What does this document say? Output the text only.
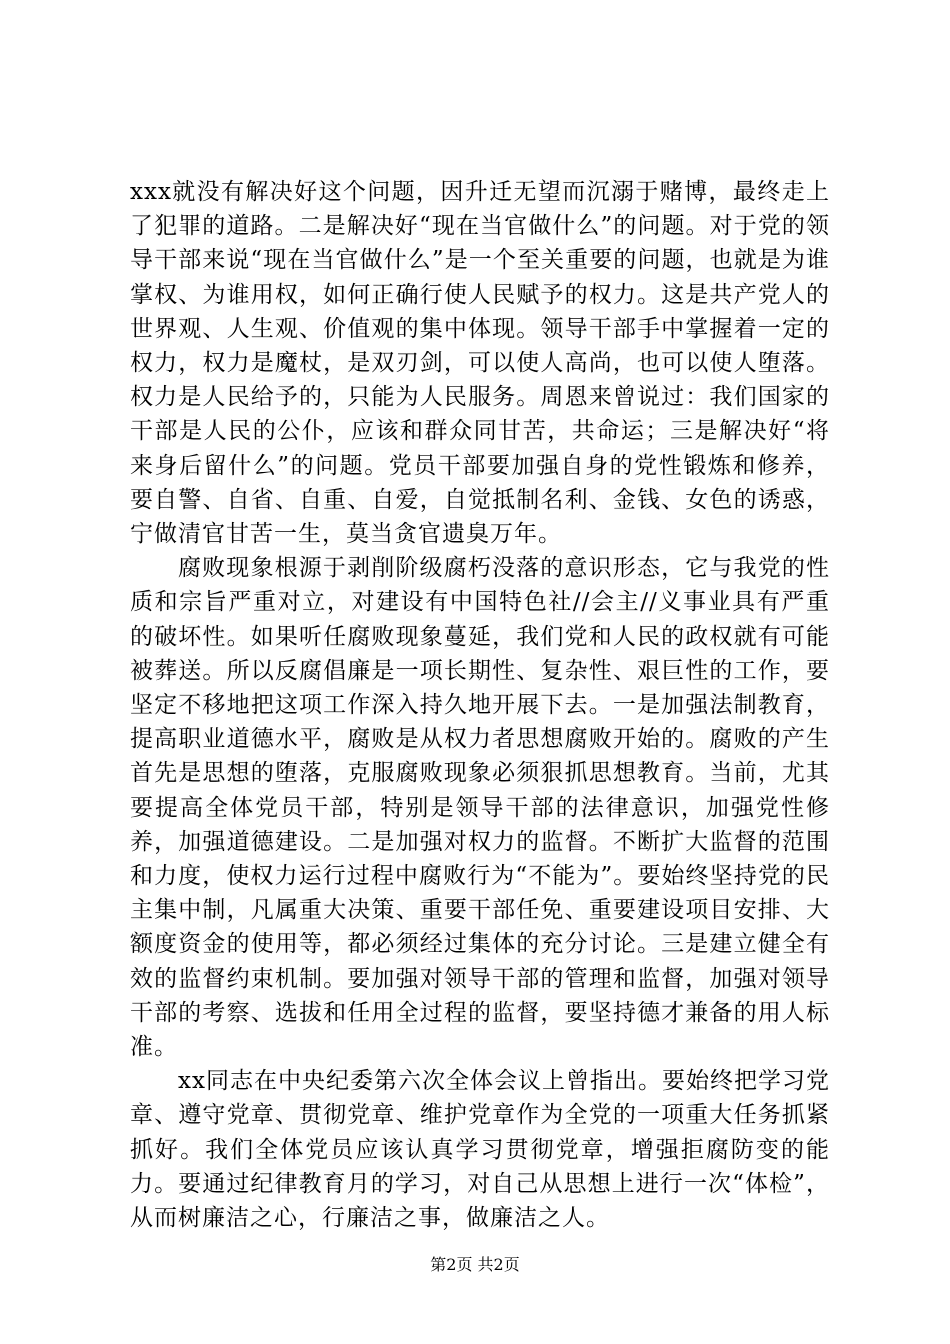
xxx就没有解决好这个问题，因升迁无望而沉溺于赌博，最终走上了犯罪的道路。二是解决好“现在当官做什么”的问题。对于党的领导干部来说“现在当官做什么”是一个至关重要的问题，也就是为谁掌权、为谁用权，如何正确行使人民赋予的权力。这是共产党人的世界观、人生观、价值观的集中体现。领导干部手中掌握着一定的权力，权力是魔杖，是双刃剑，可以使人高尚，也可以使人堕落。权力是人民给予的，只能为人民服务。周恩来曾说过：我们国家的干部是人民的公仆，应该和群众同甘苦，共命运；三是解决好“将来身后留什么”的问题。党员干部要加强自身的党性锻炼和修养，要自警、自省、自重、自爱，自觉抵制名利、金钱、女色的诱惑，宁做清官甘苦一生，莫当贪官遗臭万年。

腐败现象根源于剥削阶级腐朽没落的意识形态，它与我党的性质和宗旨严重对立，对建设有中国特色社//会主//义事业具有严重的破坏性。如果听任腐败现象蔓延，我们党和人民的政权就有可能被葬送。所以反腐倡廉是一项长期性、复杂性、艰巨性的工作，要坚定不移地把这项工作深入持久地开展下去。一是加强法制教育，提高职业道德水平，腐败是从权力者思想腐败开始的。腐败的产生首先是思想的堕落，克服腐败现象必须狠抓思想教育。当前，尤其要提高全体党员干部，特别是领导干部的法律意识，加强党性修养，加强道德建设。二是加强对权力的监督。不断扩大监督的范围和力度，使权力运行过程中腐败行为“不能为”。要始终坚持党的民主集中制，凡属重大决策、重要干部任免、重要建设项目安排、大额度资金的使用等，都必须经过集体的充分讨论。三是建立健全有效的监督约束机制。要加强对领导干部的管理和监督，加强对领导干部的考察、选拔和任用全过程的监督，要坚持德才兼备的用人标准。

xx同志在中央纪委第六次全体会议上曾指出。要始终把学习党章、遵守党章、贯彻党章、维护党章作为全党的一项重大任务抓紧抓好。我们全体党员应该认真学习贯彻党章，增强拒腐防变的能力。要通过纪律教育月的学习，对自己从思想上进行一次“体检”，从而树廉洁之心，行廉洁之事，做廉洁之人。

第2页 共2页
